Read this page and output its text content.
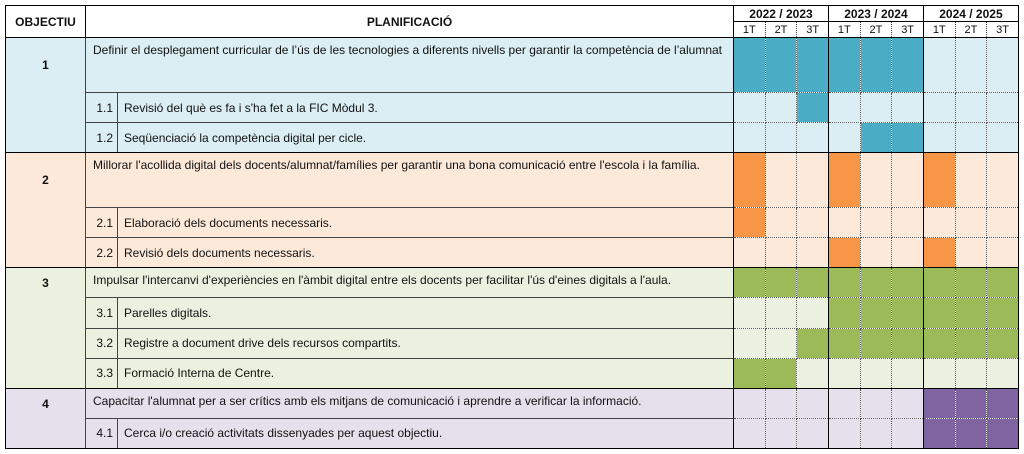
OBJECTIU	PLANIFICACIÓ		2022 / 2023			2023 / 2024			2024 / 2025		
			1T	2T	3T	1T	2T	3T	1T	2T	3T
1	Definir el desplegament curricular de l’ús de les tecnologies a diferents nivells per garantir la competència de l’alumnat										
	1.1	Revisió del què es fa i s'ha fet a la FIC Mòdul 3.									
	1.2	Seqüenciació la competència digital per cicle.									
2	Millorar l'acollida digital dels docents/alumnat/famílies per garantir una bona comunicació entre l'escola i la família.										
	2.1	Elaboració dels documents necessaris.									
	2.2	Revisió dels documents necessaris.									
3	Impulsar l'intercanvi d'experiències en l'àmbit digital entre els docents per facilitar l'ús d'eines digitals a l'aula.										
	3.1	Parelles digitals.									
	3.2	Registre a document drive dels recursos compartits.									
	3.3	Formació Interna de Centre.									
4	Capacitar l'alumnat per a ser crítics amb els mitjans de comunicació i aprendre a verificar la informació.										
	4.1	Cerca i/o creació activitats dissenyades per aquest objectiu.									
